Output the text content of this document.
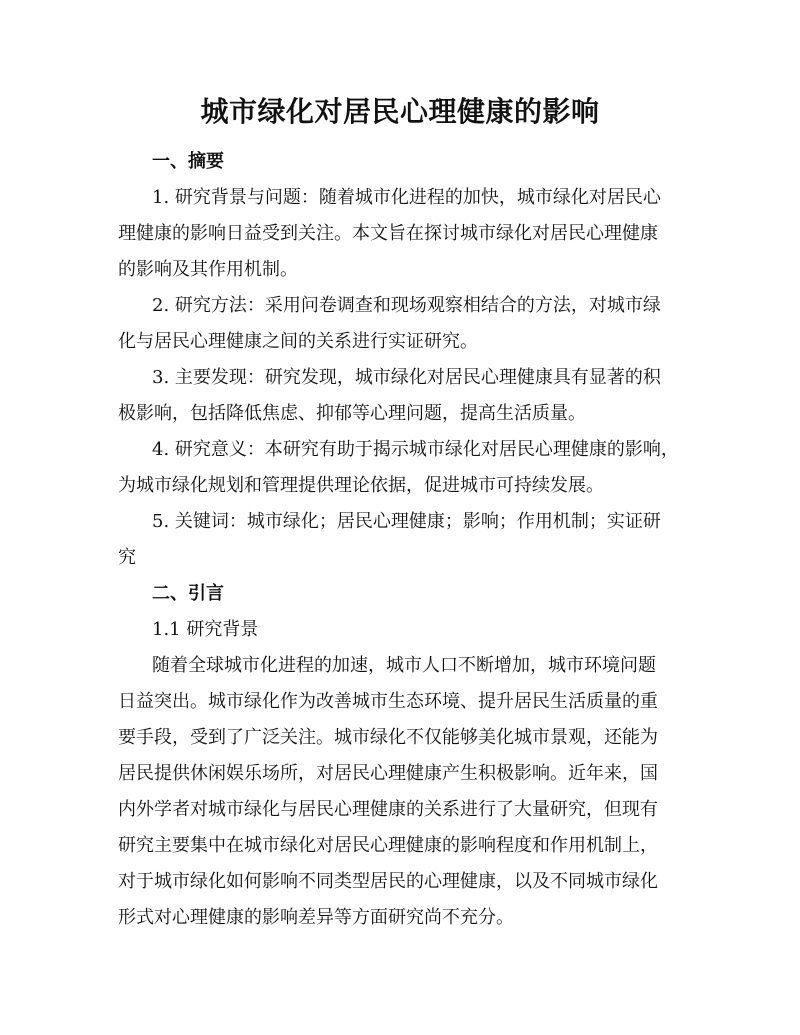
城市绿化对居民心理健康的影响
一、摘要
1. 研究背景与问题：随着城市化进程的加快，城市绿化对居民心
理健康的影响日益受到关注。本文旨在探讨城市绿化对居民心理健康
的影响及其作用机制。
2. 研究方法：采用问卷调查和现场观察相结合的方法，对城市绿
化与居民心理健康之间的关系进行实证研究。
3. 主要发现：研究发现，城市绿化对居民心理健康具有显著的积
极影响，包括降低焦虑、抑郁等心理问题，提高生活质量。
4. 研究意义：本研究有助于揭示城市绿化对居民心理健康的影响，
为城市绿化规划和管理提供理论依据，促进城市可持续发展。
5. 关键词：城市绿化；居民心理健康；影响；作用机制；实证研
究
二、引言
1.1 研究背景
随着全球城市化进程的加速，城市人口不断增加，城市环境问题
日益突出。城市绿化作为改善城市生态环境、提升居民生活质量的重
要手段，受到了广泛关注。城市绿化不仅能够美化城市景观，还能为
居民提供休闲娱乐场所，对居民心理健康产生积极影响。近年来，国
内外学者对城市绿化与居民心理健康的关系进行了大量研究，但现有
研究主要集中在城市绿化对居民心理健康的影响程度和作用机制上，
对于城市绿化如何影响不同类型居民的心理健康，以及不同城市绿化
形式对心理健康的影响差异等方面研究尚不充分。
